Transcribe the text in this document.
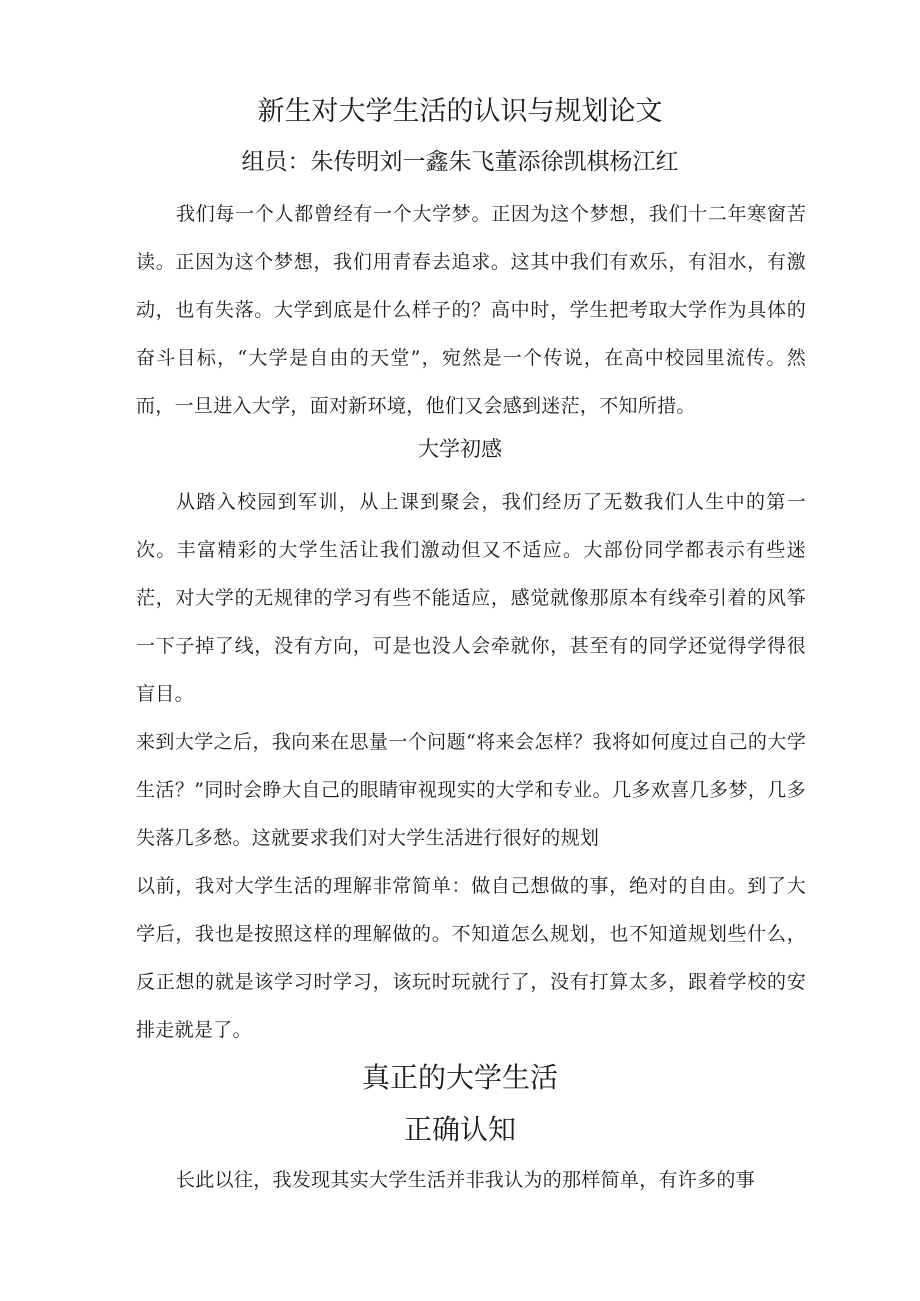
新生对大学生活的认识与规划论文
组员：朱传明刘一鑫朱飞董添徐凯棋杨江红

我们每一个人都曾经有一个大学梦。正因为这个梦想，我们十二年寒窗苦读。正因为这个梦想，我们用青春去追求。这其中我们有欢乐，有泪水，有激动，也有失落。大学到底是什么样子的？高中时，学生把考取大学作为具体的奋斗目标，“大学是自由的天堂”，宛然是一个传说，在高中校园里流传。然而，一旦进入大学，面对新环境，他们又会感到迷茫，不知所措。

大学初感

从踏入校园到军训，从上课到聚会，我们经历了无数我们人生中的第一次。丰富精彩的大学生活让我们激动但又不适应。大部份同学都表示有些迷茫，对大学的无规律的学习有些不能适应，感觉就像那原本有线牵引着的风筝一下子掉了线，没有方向，可是也没人会牵就你，甚至有的同学还觉得学得很盲目。

来到大学之后，我向来在思量一个问题“将来会怎样？我将如何度过自己的大学生活？”同时会睁大自己的眼睛审视现实的大学和专业。几多欢喜几多梦，几多失落几多愁。这就要求我们对大学生活进行很好的规划

以前，我对大学生活的理解非常简单：做自己想做的事，绝对的自由。到了大学后，我也是按照这样的理解做的。不知道怎么规划，也不知道规划些什么，反正想的就是该学习时学习，该玩时玩就行了，没有打算太多，跟着学校的安排走就是了。

真正的大学生活
正确认知

长此以往，我发现其实大学生活并非我认为的那样简单，有许多的事
